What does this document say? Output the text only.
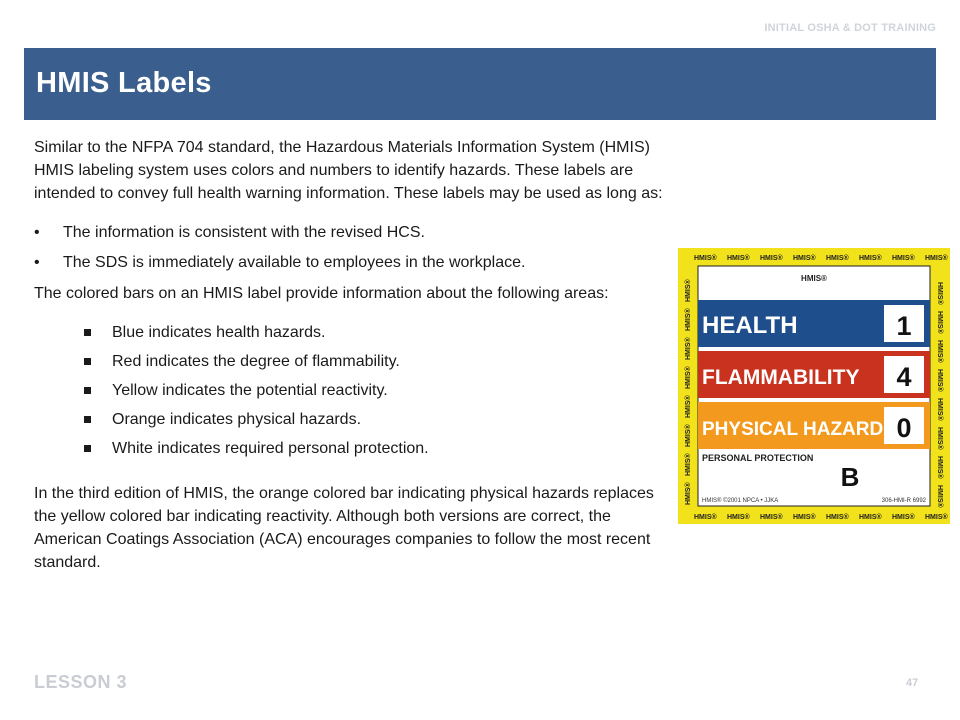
INITIAL OSHA & DOT TRAINING
HMIS Labels

Similar to the NFPA 704 standard, the Hazardous Materials Information System (HMIS) HMIS labeling system uses colors and numbers to identify hazards. These labels are intended to convey full health warning information. These labels may be used as long as:

• The information is consistent with the revised HCS.
• The SDS is immediately available to employees in the workplace.

The colored bars on an HMIS label provide information about the following areas:

Blue indicates health hazards.
Red indicates the degree of flammability.
Yellow indicates the potential reactivity.
Orange indicates physical hazards.
White indicates required personal protection.

In the third edition of HMIS, the orange colored bar indicating physical hazards replaces the yellow colored bar indicating reactivity. Although both versions are correct, the American Coatings Association (ACA) encourages companies to follow the most recent standard.

HMIS® HMIS® HMIS® HMIS® HMIS® HMIS® HMIS® HMIS®
HMIS® HMIS® HMIS® HMIS® HMIS® HMIS® HMIS® HMIS®
HMIS®
HMIS®
HMIS®
HMIS®
HMIS®
HMIS®
HMIS®
HMIS®
HMIS®
HMIS®
HMIS®
HMIS®
HMIS®
HMIS®
HMIS®
HMIS®
HMIS®
HEALTH	1
FLAMMABILITY 4
PHYSICAL HAZARD 0
PERSONAL PROTECTION
B
HMIS® ©2001 NPCA • JJKA	306-HMI-R 6992
LESSON 3	47
